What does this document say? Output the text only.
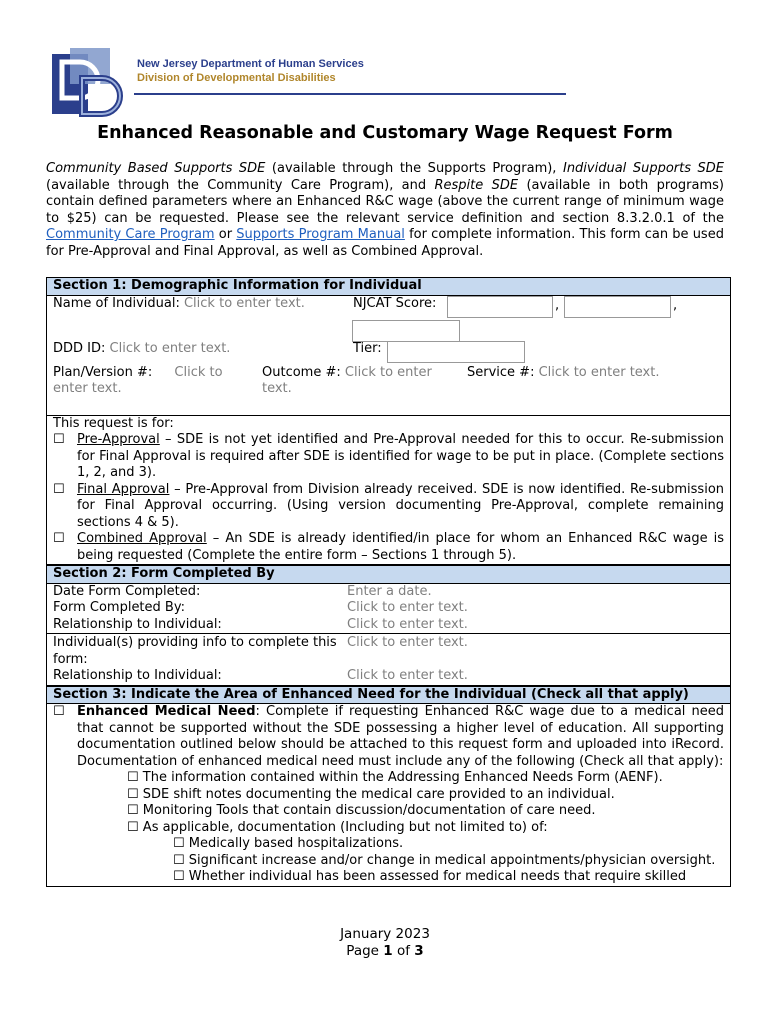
New Jersey Department of Human Services
Division of Developmental Disabilities
Enhanced Reasonable and Customary Wage Request Form
Community Based Supports SDE (available through the Supports Program), Individual Supports SDE (available through the Community Care Program), and Respite SDE (available in both programs) contain defined parameters where an Enhanced R&C wage (above the current range of minimum wage to $25) can be requested. Please see the relevant service definition and section 8.3.2.0.1 of the Community Care Program or Supports Program Manual for complete information. This form can be used for Pre-Approval and Final Approval, as well as Combined Approval.
Section 1: Demographic Information for Individual
Name of Individual: Click to enter text.	NJCAT Score:	,	,
DDD ID: Click to enter text.	Tier:
Plan/Version #: Click to
enter text.
Outcome #: Click to enter
text.
Service #: Click to enter text.
This request is for:
☐ Pre-Approval – SDE is not yet identified and Pre-Approval needed for this to occur. Re-submission for Final Approval is required after SDE is identified for wage to be put in place. (Complete sections 1, 2, and 3).
☐ Final Approval – Pre-Approval from Division already received. SDE is now identified. Re-submission for Final Approval occurring. (Using version documenting Pre-Approval, complete remaining sections 4 & 5).
☐ Combined Approval – An SDE is already identified/in place for whom an Enhanced R&C wage is being requested (Complete the entire form – Sections 1 through 5).
Section 2: Form Completed By
Date Form Completed:	Enter a date.
Form Completed By:	Click to enter text.
Relationship to Individual:	Click to enter text.
Individual(s) providing info to complete this form:
Click to enter text.
Relationship to Individual:	Click to enter text.
Section 3: Indicate the Area of Enhanced Need for the Individual (Check all that apply)
☐ Enhanced Medical Need: Complete if requesting Enhanced R&C wage due to a medical need that cannot be supported without the SDE possessing a higher level of education. All supporting documentation outlined below should be attached to this request form and uploaded into iRecord. Documentation of enhanced medical need must include any of the following (Check all that apply):
☐ The information contained within the Addressing Enhanced Needs Form (AENF).
☐ SDE shift notes documenting the medical care provided to an individual.
☐ Monitoring Tools that contain discussion/documentation of care need.
☐ As applicable, documentation (Including but not limited to) of:
☐ Medically based hospitalizations.
☐ Significant increase and/or change in medical appointments/physician oversight.
☐ Whether individual has been assessed for medical needs that require skilled
January 2023
Page 1 of 3
